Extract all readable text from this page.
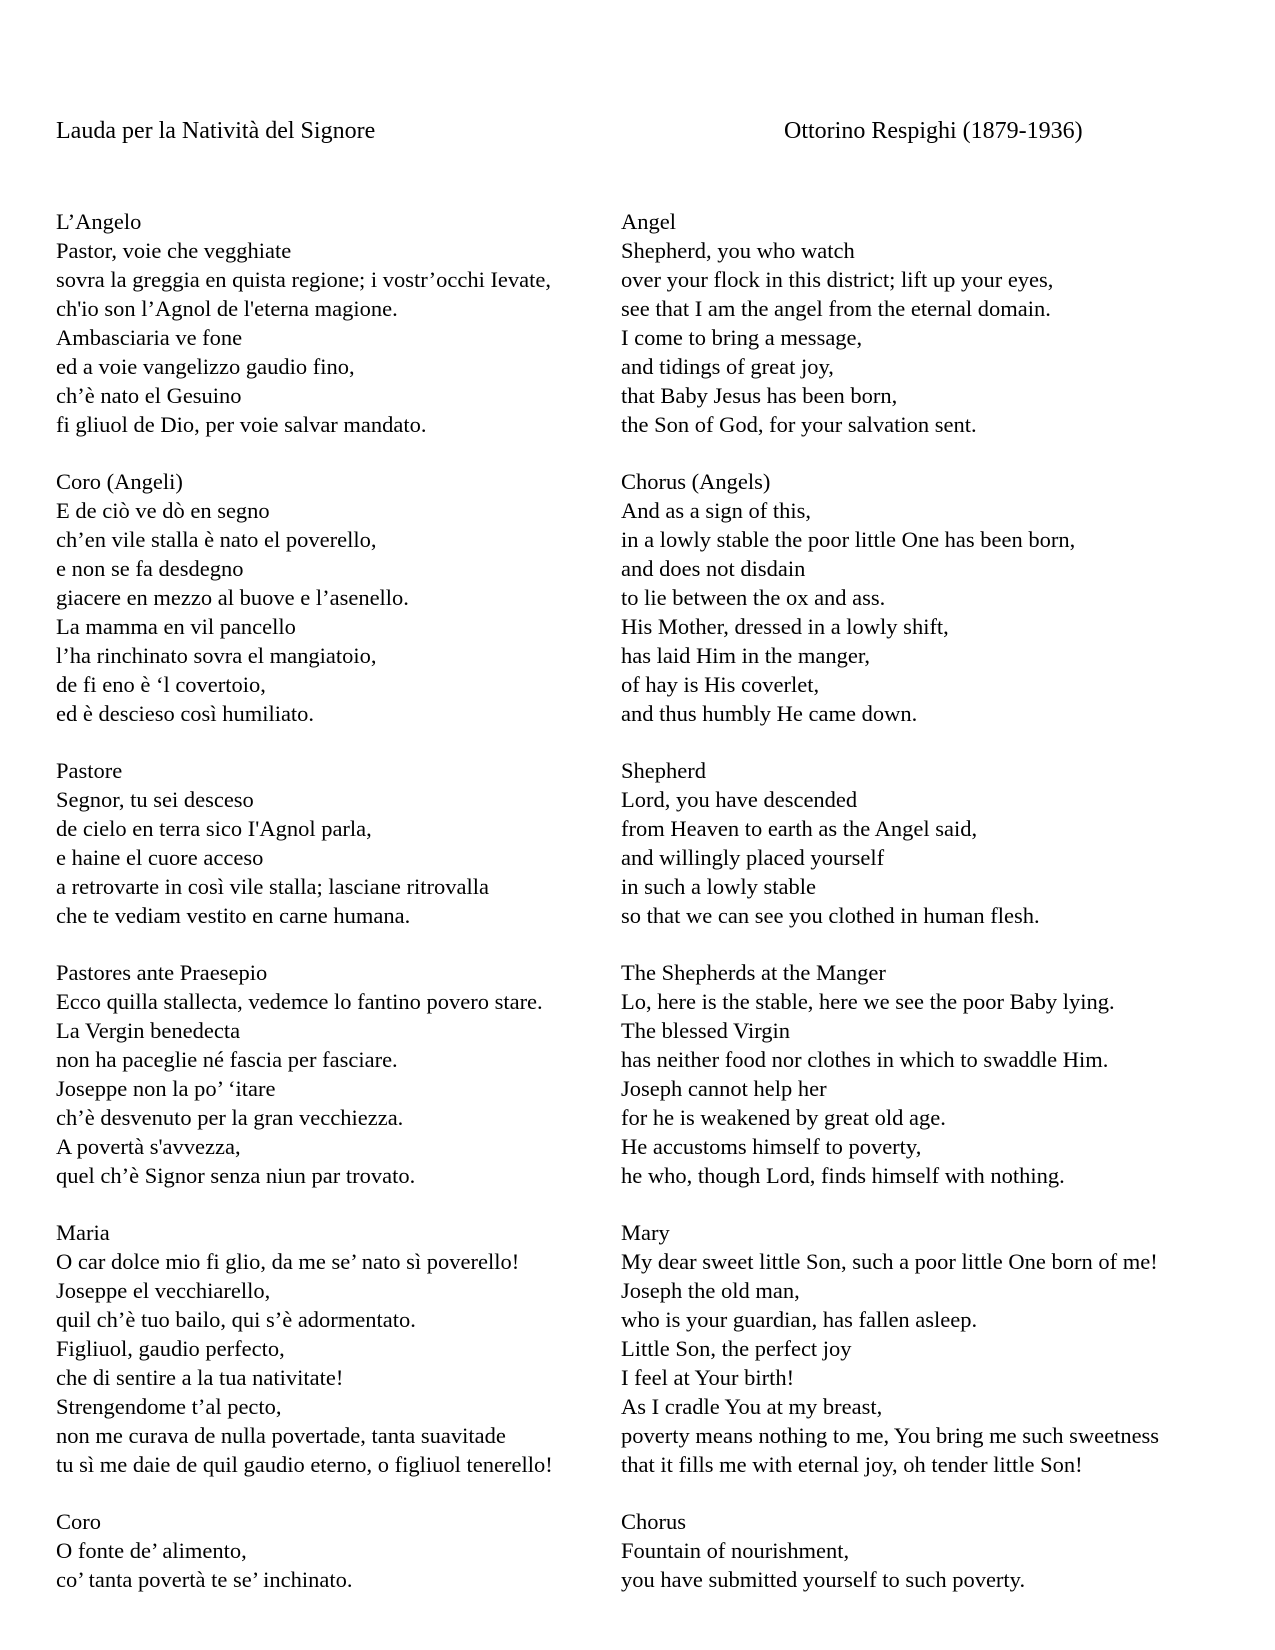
Lauda per la Natività del Signore	Ottorino Respighi (1879-1936)
L’Angelo
Pastor, voie che vegghiate
sovra la greggia en quista regione; i vostr’occhi Ievate,
ch'io son l’Agnol de l'eterna magione.
Ambasciaria ve fone
ed a voie vangelizzo gaudio fino,
ch’è nato el Gesuino
fi gliuol de Dio, per voie salvar mandato.
Coro (Angeli)
E de ciò ve dò en segno
ch’en vile stalla è nato el poverello,
e non se fa desdegno
giacere en mezzo al buove e l’asenello.
La mamma en vil pancello
l’ha rinchinato sovra el mangiatoio,
de fi eno è ‘l covertoio,
ed è descieso così humiliato.
Pastore
Segnor, tu sei desceso
de cielo en terra sico I'Agnol parla,
e haine el cuore acceso
a retrovarte in così vile stalla; lasciane ritrovalla
che te vediam vestito en carne humana.
Pastores ante Praesepio
Ecco quilla stallecta, vedemce lo fantino povero stare.
La Vergin benedecta
non ha paceglie né fascia per fasciare.
Joseppe non la po’ ‘itare
ch’è desvenuto per la gran vecchiezza.
A povertà s'avvezza,
quel ch’è Signor senza niun par trovato.
Maria
O car dolce mio fi glio, da me se’ nato sì poverello!
Joseppe el vecchiarello,
quil ch’è tuo bailo, qui s’è adormentato.
Figliuol, gaudio perfecto,
che di sentire a la tua nativitate!
Strengendome t’al pecto,
non me curava de nulla povertade, tanta suavitade
tu sì me daie de quil gaudio eterno, o figliuol tenerello!
Coro
O fonte de’ alimento,
co’ tanta povertà te se’ inchinato.
Angel
Shepherd, you who watch
over your flock in this district; lift up your eyes,
see that I am the angel from the eternal domain.
I come to bring a message,
and tidings of great joy,
that Baby Jesus has been born,
the Son of God, for your salvation sent.
Chorus (Angels)
And as a sign of this,
in a lowly stable the poor little One has been born,
and does not disdain
to lie between the ox and ass.
His Mother, dressed in a lowly shift,
has laid Him in the manger,
of hay is His coverlet,
and thus humbly He came down.
Shepherd
Lord, you have descended
from Heaven to earth as the Angel said,
and willingly placed yourself
in such a lowly stable
so that we can see you clothed in human flesh.
The Shepherds at the Manger
Lo, here is the stable, here we see the poor Baby lying.
The blessed Virgin
has neither food nor clothes in which to swaddle Him.
Joseph cannot help her
for he is weakened by great old age.
He accustoms himself to poverty,
he who, though Lord, finds himself with nothing.
Mary
My dear sweet little Son, such a poor little One born of me!
Joseph the old man,
who is your guardian, has fallen asleep.
Little Son, the perfect joy
I feel at Your birth!
As I cradle You at my breast,
poverty means nothing to me, You bring me such sweetness
that it fills me with eternal joy, oh tender little Son!
Chorus
Fountain of nourishment,
you have submitted yourself to such poverty.
